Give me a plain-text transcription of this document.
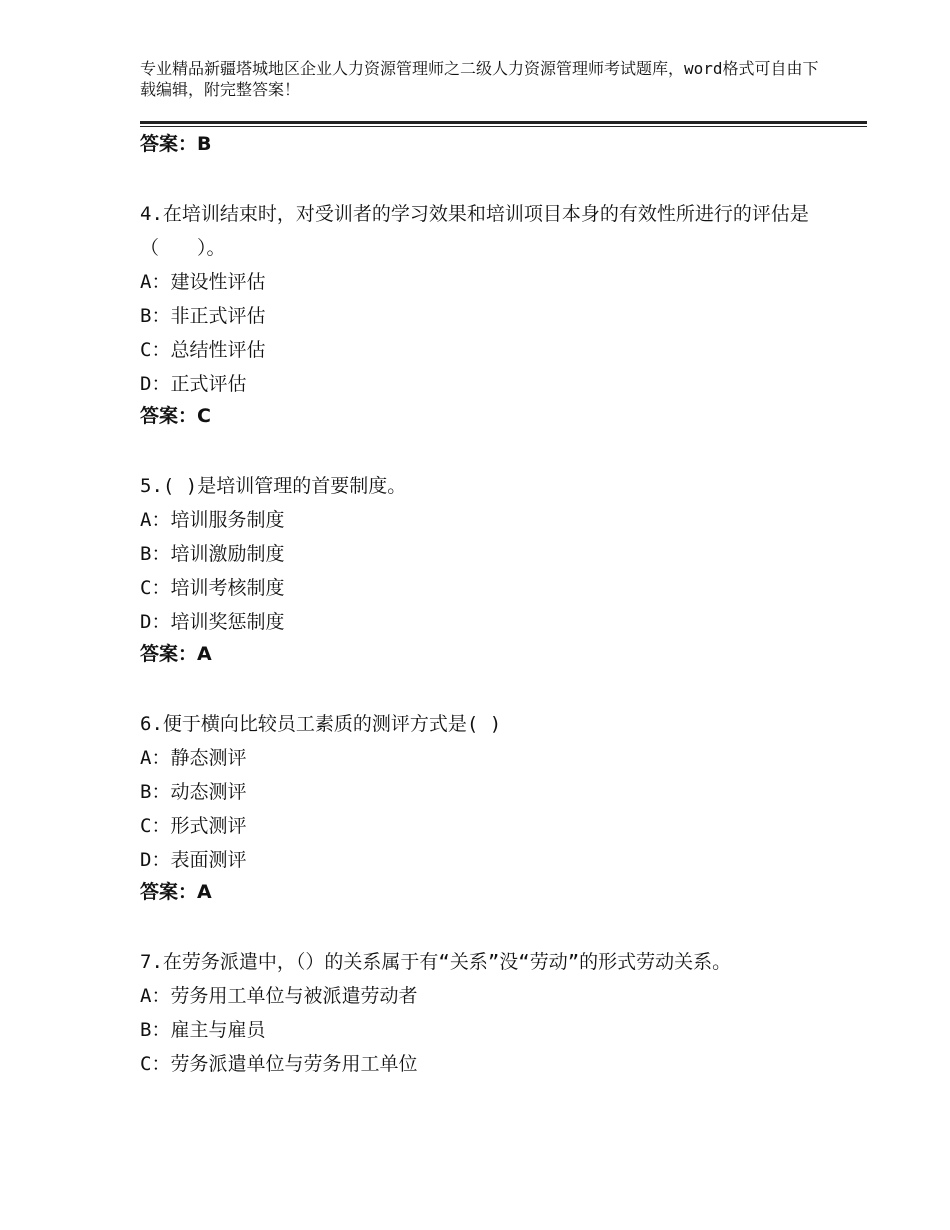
专业精品新疆塔城地区企业人力资源管理师之二级人力资源管理师考试题库，word格式可自由下载编辑，附完整答案！
答案：B
4.在培训结束时，对受训者的学习效果和培训项目本身的有效性所进行的评估是（　　）。
A：建设性评估
B：非正式评估
C：总结性评估
D：正式评估
答案：C
5.( )是培训管理的首要制度。
A：培训服务制度
B：培训激励制度
C：培训考核制度
D：培训奖惩制度
答案：A
6.便于横向比较员工素质的测评方式是( )
A：静态测评
B：动态测评
C：形式测评
D：表面测评
答案：A
7.在劳务派遣中，（）的关系属于有“关系”没“劳动”的形式劳动关系。
A：劳务用工单位与被派遣劳动者
B：雇主与雇员
C：劳务派遣单位与劳务用工单位
